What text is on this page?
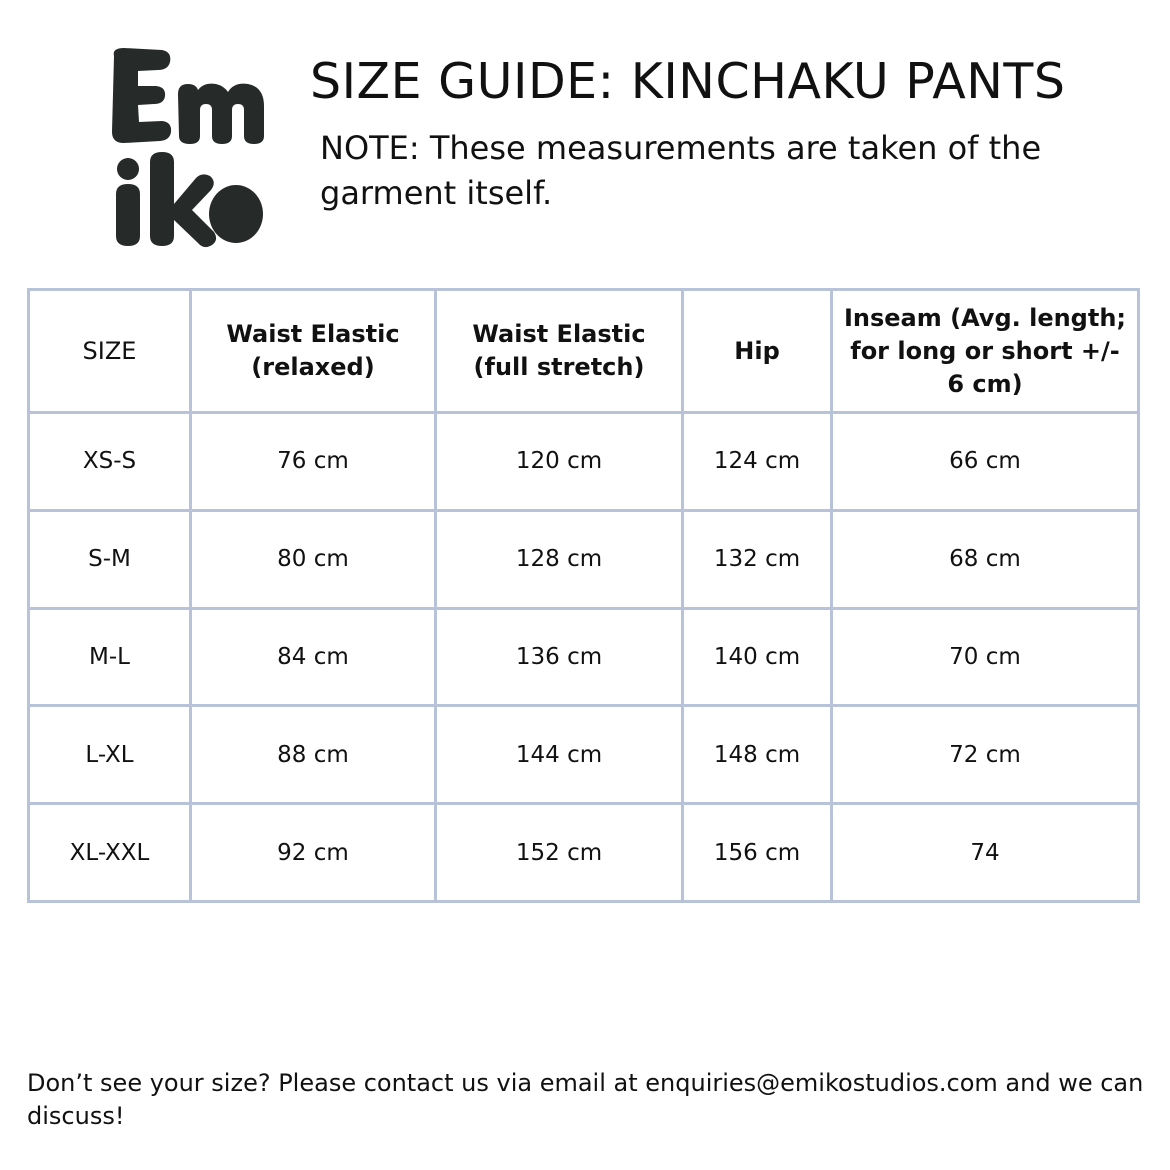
SIZE GUIDE: KINCHAKU PANTS
NOTE: These measurements are taken of the garment itself.
SIZE	Waist Elastic (relaxed)	Waist Elastic (full stretch)	Hip	Inseam (Avg. length; for long or short +/- 6 cm)
XS-S	76 cm	120 cm	124 cm	66 cm
S-M	80 cm	128 cm	132 cm	68 cm
M-L	84 cm	136 cm	140 cm	70 cm
L-XL	88 cm	144 cm	148 cm	72 cm
XL-XXL	92 cm	152 cm	156 cm	74
Don’t see your size? Please contact us via email at enquiries@emikostudios.com and we can discuss!
